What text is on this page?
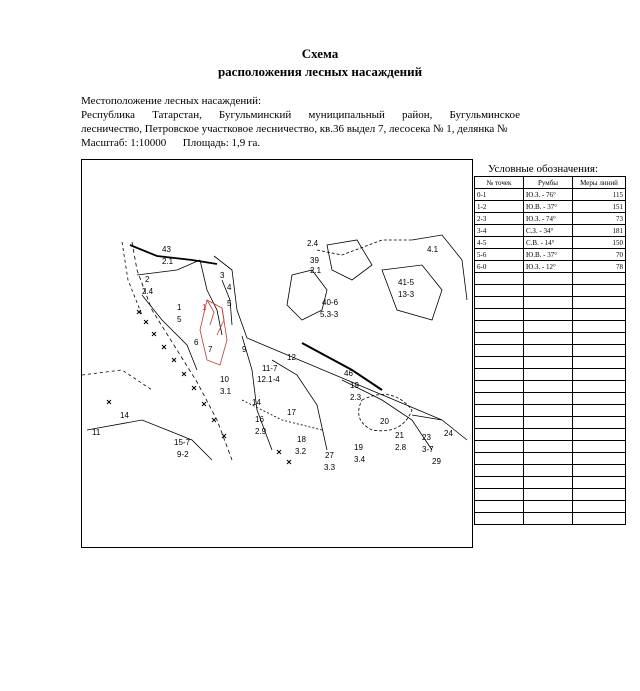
Схема
расположения лесных насаждений
Местоположение лесных насаждений:
Республика Татарстан, Бугульминский муниципальный район, Бугульминское
лесничество, Петровское участковое лесничество, кв.36 выдел 7, лесосека № 1, делянка №
Масштаб: 1:10000      Площадь: 1,9 га.
43
2.1
2
2.4
3
4
5
1
5
39
2.1
2.4
41-5
13-3
40-6
5.3-3
9
12
11-7
12.1-4
46
19
2.3
10
3.1
14
17
15-7
9-2
18
3.2
16
2.9
19
3.4
20
21
2.8
23
3-7
24
27
3.3
29
11
14
4.1
1
6
7
Условные обозначения:
№ точек	Румбы	Меры линий
0-1	Ю.З. - 76°	115
1-2	Ю.В. - 37°	151
2-3	Ю.З. - 74°	73
3-4	С.З. - 34°	181
4-5	С.В. - 14°	150
5-6	Ю.В. - 37°	70
6-0	Ю.З. - 12°	78
